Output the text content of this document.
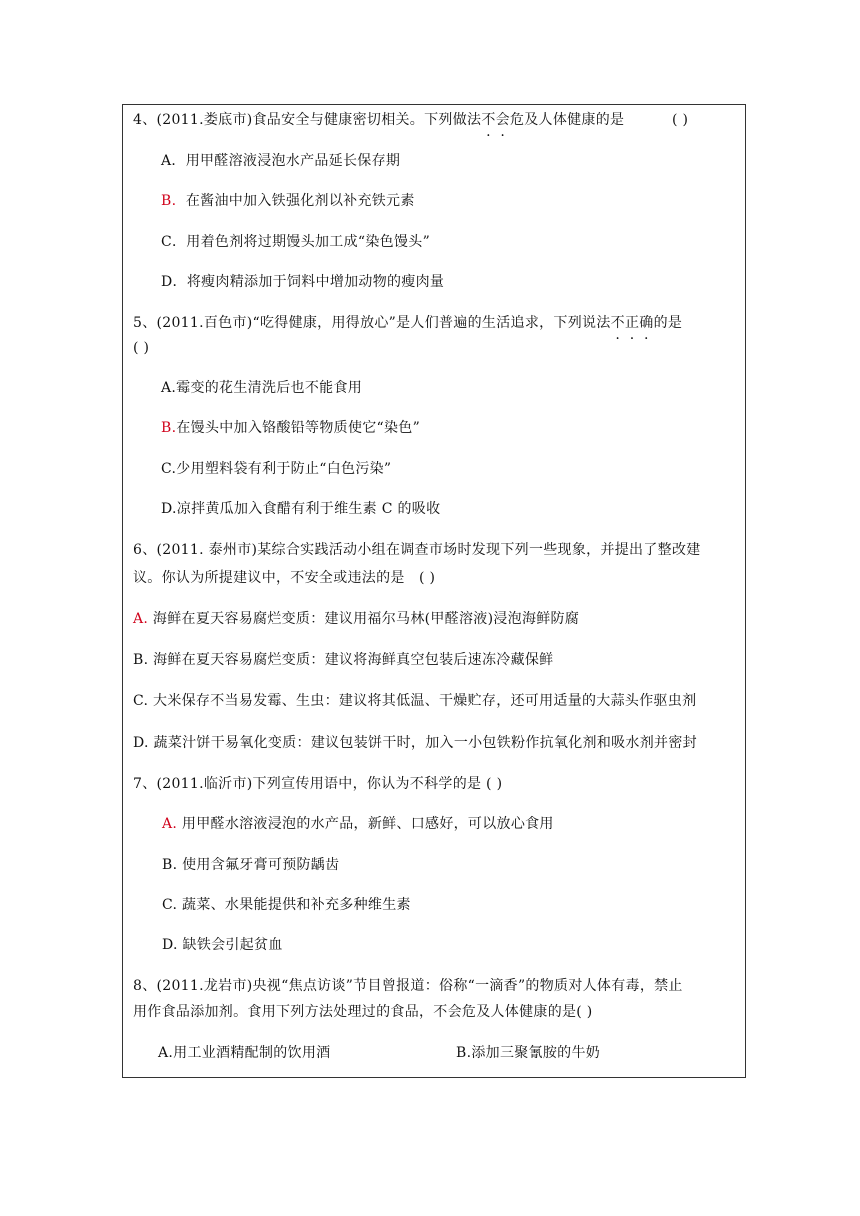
4、(2011.娄底市)食品安全与健康密切相关。下列做法不会危及人体健康的是	( )
A．用甲醛溶液浸泡水产品延长保存期
B. 在酱油中加入铁强化剂以补充铁元素
C．用着色剂将过期馒头加工成“染色馒头”
D．将瘦肉精添加于饲料中增加动物的瘦肉量
5、(2011.百色市)“吃得健康，用得放心”是人们普遍的生活追求，下列说法不正确的是
( )
A.霉变的花生清洗后也不能食用
B.在馒头中加入铬酸铅等物质使它“染色”
C.少用塑料袋有利于防止“白色污染”
D.凉拌黄瓜加入食醋有利于维生素 C 的吸收
6、(2011. 泰州市)某综合实践活动小组在调查市场时发现下列一些现象，并提出了整改建
议。你认为所提建议中，不安全或违法的是　( )
A. 海鲜在夏天容易腐烂变质：建议用福尔马林(甲醛溶液)浸泡海鲜防腐
B. 海鲜在夏天容易腐烂变质：建议将海鲜真空包装后速冻冷藏保鲜
C. 大米保存不当易发霉、生虫：建议将其低温、干燥贮存，还可用适量的大蒜头作驱虫剂
D. 蔬菜汁饼干易氧化变质：建议包装饼干时，加入一小包铁粉作抗氧化剂和吸水剂并密封
7、(2011.临沂市)下列宣传用语中，你认为不科学的是 ( )
A. 用甲醛水溶液浸泡的水产品，新鲜、口感好，可以放心食用
B. 使用含氟牙膏可预防龋齿
C. 蔬菜、水果能提供和补充多种维生素
D. 缺铁会引起贫血
8、(2011.龙岩市)央视“焦点访谈”节目曾报道：俗称“一滴香”的物质对人体有毒，禁止
用作食品添加剂。食用下列方法处理过的食品，不会危及人体健康的是( )
A.用工业酒精配制的饮用酒	B.添加三聚氰胺的牛奶
